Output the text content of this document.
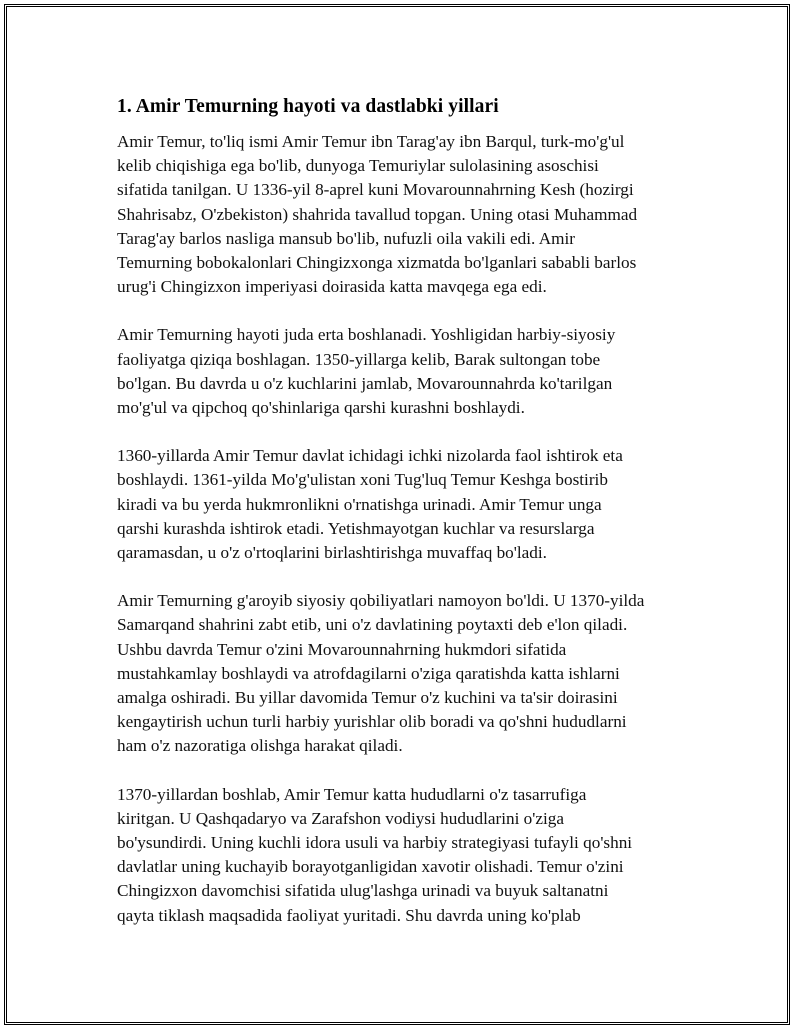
1. Amir Temurning hayoti va dastlabki yillari

Amir Temur, to'liq ismi Amir Temur ibn Tarag'ay ibn Barqul, turk-mo'g'ul
kelib chiqishiga ega bo'lib, dunyoga Temuriylar sulolasining asoschisi
sifatida tanilgan. U 1336-yil 8-aprel kuni Movarounnahrning Kesh (hozirgi
Shahrisabz, O'zbekiston) shahrida tavallud topgan. Uning otasi Muhammad
Tarag'ay barlos nasliga mansub bo'lib, nufuzli oila vakili edi. Amir
Temurning bobokalonlari Chingizxonga xizmatda bo'lganlari sababli barlos
urug'i Chingizxon imperiyasi doirasida katta mavqega ega edi.

Amir Temurning hayoti juda erta boshlanadi. Yoshligidan harbiy-siyosiy
faoliyatga qiziqa boshlagan. 1350-yillarga kelib, Barak sultongan tobe
bo'lgan. Bu davrda u o'z kuchlarini jamlab, Movarounnahrda ko'tarilgan
mo'g'ul va qipchoq qo'shinlariga qarshi kurashni boshlaydi.

1360-yillarda Amir Temur davlat ichidagi ichki nizolarda faol ishtirok eta
boshlaydi. 1361-yilda Mo'g'ulistan xoni Tug'luq Temur Keshga bostirib
kiradi va bu yerda hukmronlikni o'rnatishga urinadi. Amir Temur unga
qarshi kurashda ishtirok etadi. Yetishmayotgan kuchlar va resurslarga
qaramasdan, u o'z o'rtoqlarini birlashtirishga muvaffaq bo'ladi.

Amir Temurning g'aroyib siyosiy qobiliyatlari namoyon bo'ldi. U 1370-yilda
Samarqand shahrini zabt etib, uni o'z davlatining poytaxti deb e'lon qiladi.
Ushbu davrda Temur o'zini Movarounnahrning hukmdori sifatida
mustahkamlay boshlaydi va atrofdagilarni o'ziga qaratishda katta ishlarni
amalga oshiradi. Bu yillar davomida Temur o'z kuchini va ta'sir doirasini
kengaytirish uchun turli harbiy yurishlar olib boradi va qo'shni hududlarni
ham o'z nazoratiga olishga harakat qiladi.

1370-yillardan boshlab, Amir Temur katta hududlarni o'z tasarrufiga
kiritgan. U Qashqadaryo va Zarafshon vodiysi hududlarini o'ziga
bo'ysundirdi. Uning kuchli idora usuli va harbiy strategiyasi tufayli qo'shni
davlatlar uning kuchayib borayotganligidan xavotir olishadi. Temur o'zini
Chingizxon davomchisi sifatida ulug'lashga urinadi va buyuk saltanatni
qayta tiklash maqsadida faoliyat yuritadi. Shu davrda uning ko'plab
